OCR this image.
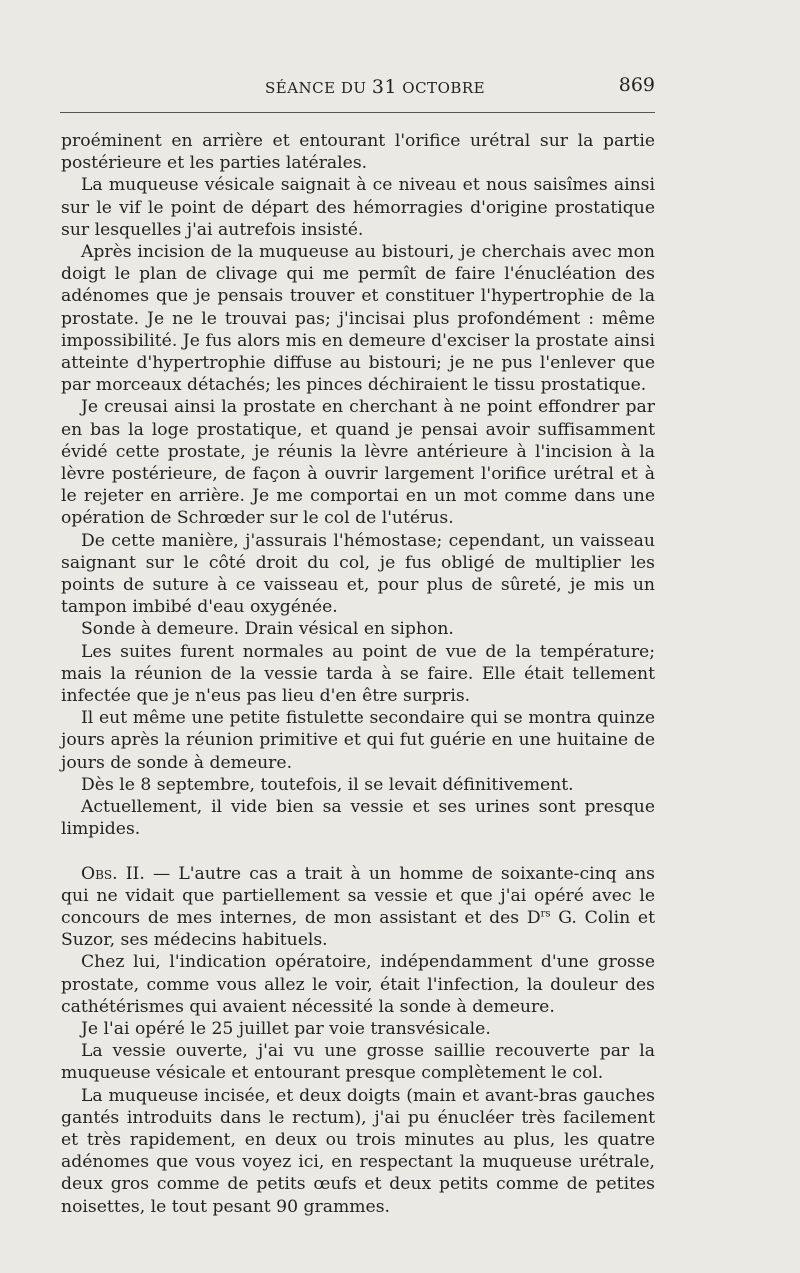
SÉANCE DU 31 OCTOBRE	869

proéminent en arrière et entourant l'orifice urétral sur la partie postérieure et les parties latérales.

La muqueuse vésicale saignait à ce niveau et nous saisîmes ainsi sur le vif le point de départ des hémorragies d'origine prostatique sur lesquelles j'ai autrefois insisté.

Après incision de la muqueuse au bistouri, je cherchais avec mon doigt le plan de clivage qui me permît de faire l'énucléation des adénomes que je pensais trouver et constituer l'hypertrophie de la prostate. Je ne le trouvai pas; j'incisai plus profondément : même impossibilité. Je fus alors mis en demeure d'exciser la prostate ainsi atteinte d'hypertrophie diffuse au bistouri; je ne pus l'enlever que par morceaux détachés; les pinces déchiraient le tissu prostatique.

Je creusai ainsi la prostate en cherchant à ne point effondrer par en bas la loge prostatique, et quand je pensai avoir suffisamment évidé cette prostate, je réunis la lèvre antérieure à l'incision à la lèvre postérieure, de façon à ouvrir largement l'orifice urétral et à le rejeter en arrière. Je me comportai en un mot comme dans une opération de Schrœder sur le col de l'utérus.

De cette manière, j'assurais l'hémostase; cependant, un vaisseau saignant sur le côté droit du col, je fus obligé de multiplier les points de suture à ce vaisseau et, pour plus de sûreté, je mis un tampon imbibé d'eau oxygénée.

Sonde à demeure. Drain vésical en siphon.

Les suites furent normales au point de vue de la température; mais la réunion de la vessie tarda à se faire. Elle était tellement infectée que je n'eus pas lieu d'en être surpris.

Il eut même une petite fistulette secondaire qui se montra quinze jours après la réunion primitive et qui fut guérie en une huitaine de jours de sonde à demeure.

Dès le 8 septembre, toutefois, il se levait définitivement.

Actuellement, il vide bien sa vessie et ses urines sont presque limpides.

Obs. II. — L'autre cas a trait à un homme de soixante-cinq ans qui ne vidait que partiellement sa vessie et que j'ai opéré avec le concours de mes internes, de mon assistant et des $D^{rs}$ G. Colin et Suzor, ses médecins habituels.

Chez lui, l'indication opératoire, indépendamment d'une grosse prostate, comme vous allez le voir, était l'infection, la douleur des cathétérismes qui avaient nécessité la sonde à demeure.

Je l'ai opéré le 25 juillet par voie transvésicale.

La vessie ouverte, j'ai vu une grosse saillie recouverte par la muqueuse vésicale et entourant presque complètement le col.

La muqueuse incisée, et deux doigts (main et avant-bras gauches gantés introduits dans le rectum), j'ai pu énucléer très facilement et très rapidement, en deux ou trois minutes au plus, les quatre adénomes que vous voyez ici, en respectant la muqueuse urétrale, deux gros comme de petits œufs et deux petits comme de petites noisettes, le tout pesant 90 grammes.
